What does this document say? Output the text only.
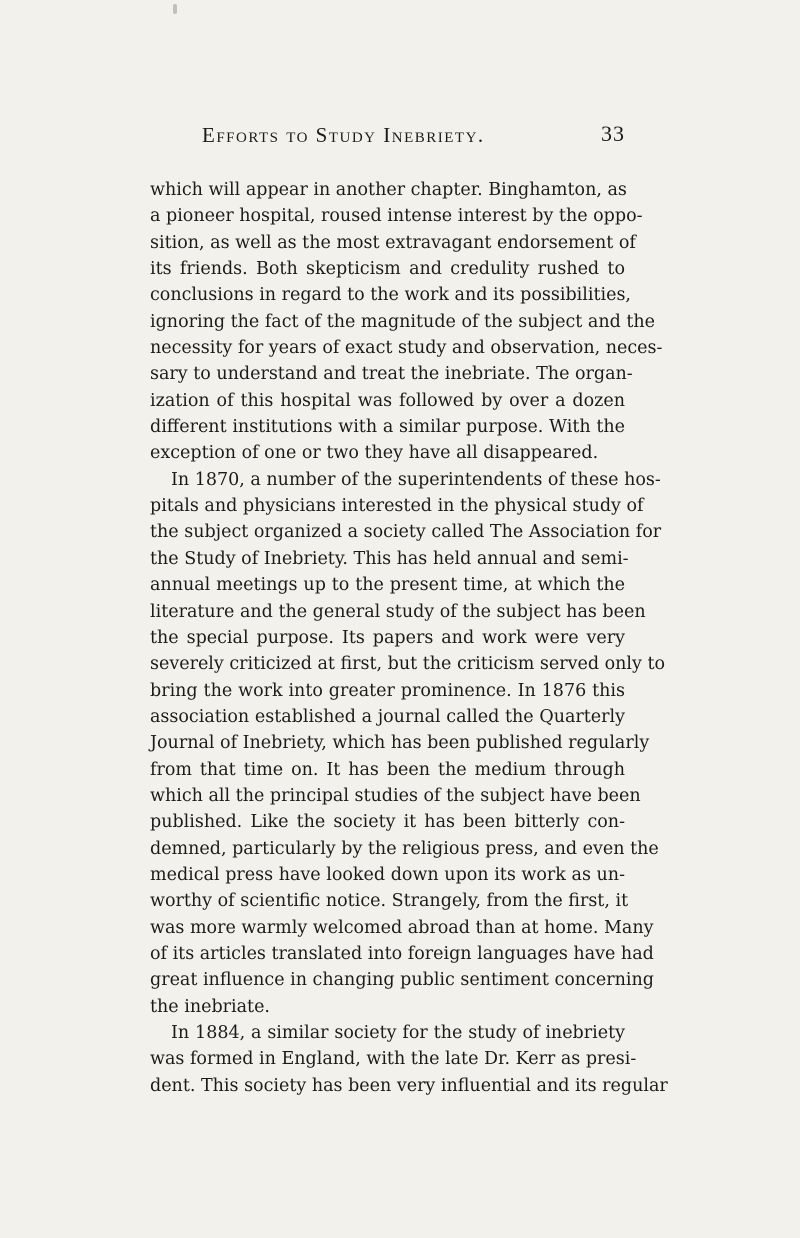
Efforts to Study Inebriety.	33
which will appear in another chapter. Binghamton, as
a pioneer hospital, roused intense interest by the oppo-
sition, as well as the most extravagant endorsement of
its friends. Both skepticism and credulity rushed to
conclusions in regard to the work and its possibilities,
ignoring the fact of the magnitude of the subject and the
necessity for years of exact study and observation, neces-
sary to understand and treat the inebriate. The organ-
ization of this hospital was followed by over a dozen
different institutions with a similar purpose. With the
exception of one or two they have all disappeared.
In 1870, a number of the superintendents of these hos-
pitals and physicians interested in the physical study of
the subject organized a society called The Association for
the Study of Inebriety. This has held annual and semi-
annual meetings up to the present time, at which the
literature and the general study of the subject has been
the special purpose. Its papers and work were very
severely criticized at first, but the criticism served only to
bring the work into greater prominence. In 1876 this
association established a journal called the Quarterly
Journal of Inebriety, which has been published regularly
from that time on. It has been the medium through
which all the principal studies of the subject have been
published. Like the society it has been bitterly con-
demned, particularly by the religious press, and even the
medical press have looked down upon its work as un-
worthy of scientific notice. Strangely, from the first, it
was more warmly welcomed abroad than at home. Many
of its articles translated into foreign languages have had
great influence in changing public sentiment concerning
the inebriate.
In 1884, a similar society for the study of inebriety
was formed in England, with the late Dr. Kerr as presi-
dent. This society has been very influential and its regular
